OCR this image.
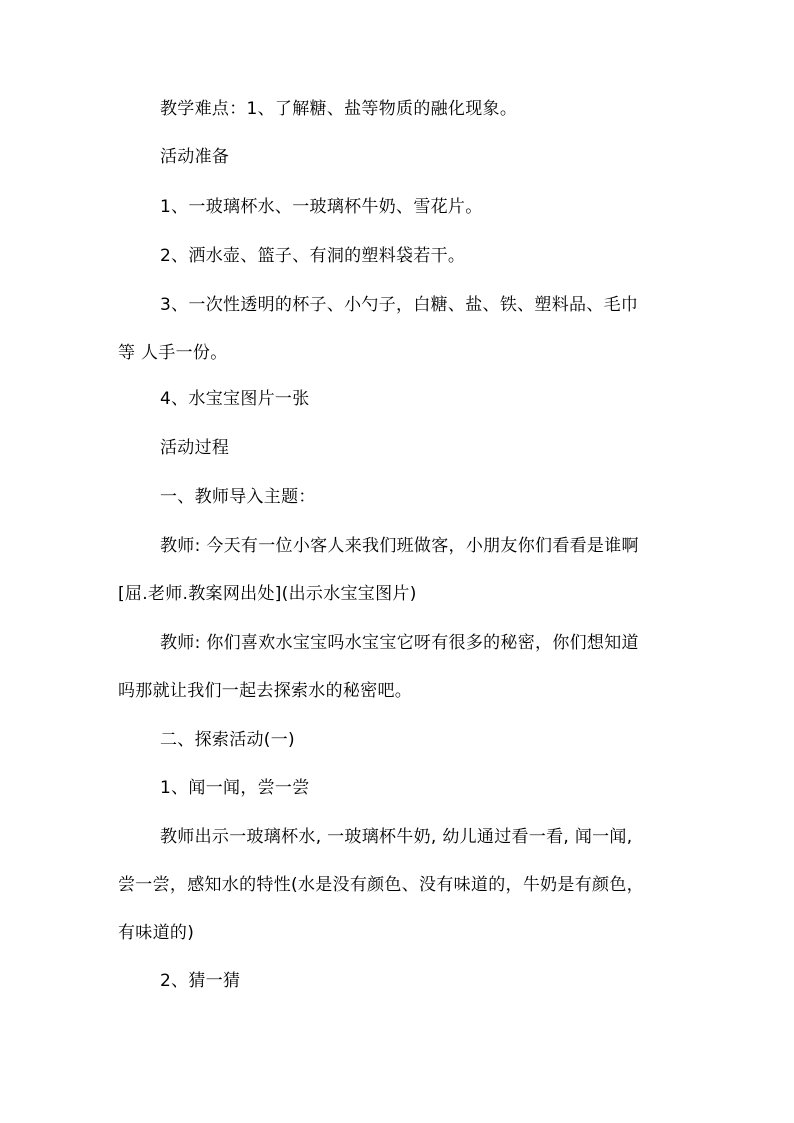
教学难点：1、了解糖、盐等物质的融化现象。

活动准备

1、一玻璃杯水、一玻璃杯牛奶、雪花片。

2、洒水壶、篮子、有洞的塑料袋若干。

3、一次性透明的杯子、小勺子，白糖、盐、铁、塑料品、毛巾

等 人手一份。

4、水宝宝图片一张

活动过程

一、教师导入主题：

教师: 今天有一位小客人来我们班做客，小朋友你们看看是谁啊

[屈.老师.教案网出处](出示水宝宝图片)

教师: 你们喜欢水宝宝吗水宝宝它呀有很多的秘密，你们想知道

吗那就让我们一起去探索水的秘密吧。

二、探索活动(一)

1、闻一闻，尝一尝

教师出示一玻璃杯水, 一玻璃杯牛奶, 幼儿通过看一看, 闻一闻,

尝一尝，感知水的特性(水是没有颜色、没有味道的，牛奶是有颜色，

有味道的)

2、猜一猜
